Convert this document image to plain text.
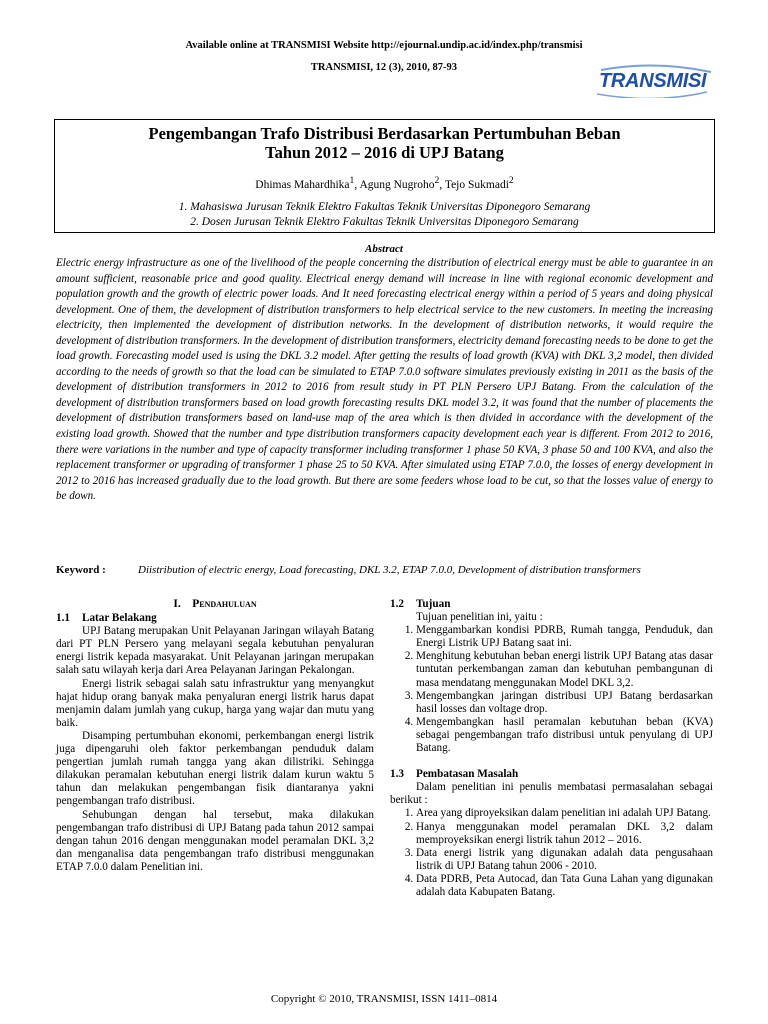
Available online at TRANSMISI Website http://ejournal.undip.ac.id/index.php/transmisi
TRANSMISI, 12 (3), 2010, 87-93
TRANSMISI
Pengembangan Trafo Distribusi Berdasarkan Pertumbuhan Beban
Tahun 2012 – 2016 di UPJ Batang
Dhimas Mahardhika$^1$, Agung Nugroho$^2$, Tejo Sukmadi$^2$
1. Mahasiswa Jurusan Teknik Elektro Fakultas Teknik Universitas Diponegoro Semarang
2. Dosen Jurusan Teknik Elektro Fakultas Teknik Universitas Diponegoro Semarang
Abstract
Electric energy infrastructure as one of the livelihood of the people concerning the distribution of electrical energy must be able to guarantee in an amount sufficient, reasonable price and good quality. Electrical energy demand will increase in line with regional economic development and population growth and the growth of electric power loads. And It need forecasting electrical energy within a period of 5 years and doing physical development. One of them, the development of distribution transformers to help electrical service to the new customers. In meeting the increasing electricity, then implemented the development of distribution networks. In the development of distribution networks, it would require the development of distribution transformers. In the development of distribution transformers, electricity demand forecasting needs to be done to get the load growth. Forecasting model used is using the DKL 3.2 model. After getting the results of load growth (KVA) with DKL 3,2 model, then divided according to the needs of growth so that the load can be simulated to ETAP 7.0.0 software simulates previously existing in 2011 as the basis of the development of distribution transformers in 2012 to 2016 from result study in PT PLN Persero UPJ Batang. From the calculation of the development of distribution transformers based on load growth forecasting results DKL model 3.2, it was found that the number of placements the development of distribution transformers based on land-use map of the area which is then divided in accordance with the development of the existing load growth. Showed that the number and type distribution transformers capacity development each year is different. From 2012 to 2016, there were variations in the number and type of capacity transformer including transformer 1 phase 50 KVA, 3 phase 50 and 100 KVA, and also the replacement transformer or upgrading of transformer 1 phase 25 to 50 KVA. After simulated using ETAP 7.0.0, the losses of energy development in 2012 to 2016 has increased gradually due to the load growth. But there are some feeders whose load to be cut, so that the losses value of energy to be down.
Keyword :	Diistribution of electric energy, Load forecasting, DKL 3.2, ETAP 7.0.0, Development of distribution transformers
I. Pendahuluan
1.1 Latar Belakang

UPJ Batang merupakan Unit Pelayanan Jaringan wilayah Batang dari PT PLN Persero yang melayani segala kebutuhan penyaluran energi listrik kepada masyarakat. Unit Pelayanan jaringan merupakan salah satu wilayah kerja dari Area Pelayanan Jaringan Pekalongan.

Energi listrik sebagai salah satu infrastruktur yang menyangkut hajat hidup orang banyak maka penyaluran energi listrik harus dapat menjamin dalam jumlah yang cukup, harga yang wajar dan mutu yang baik.

Disamping pertumbuhan ekonomi, perkembangan energi listrik juga dipengaruhi oleh faktor perkembangan penduduk dalam pengertian jumlah rumah tangga yang akan dilistriki. Sehingga dilakukan peramalan kebutuhan energi listrik dalam kurun waktu 5 tahun dan melakukan pengembangan fisik diantaranya yakni pengembangan trafo distribusi.

Sehubungan dengan hal tersebut, maka dilakukan pengembangan trafo distribusi di UPJ Batang pada tahun 2012 sampai dengan tahun 2016 dengan menggunakan model peramalan DKL 3,2 dan menganalisa data pengembangan trafo distribusi menggunakan ETAP 7.0.0 dalam Penelitian ini.

1.2 Tujuan
Tujuan penelitian ini, yaitu :
1. Menggambarkan kondisi PDRB, Rumah tangga, Penduduk, dan Energi Listrik UPJ Batang saat ini.
2. Menghitung kebutuhan beban energi listrik UPJ Batang atas dasar tuntutan perkembangan zaman dan kebutuhan pembangunan di masa mendatang menggunakan Model DKL 3,2.
3. Mengembangkan jaringan distribusi UPJ Batang berdasarkan hasil losses dan voltage drop.
4. Mengembangkan hasil peramalan kebutuhan beban (KVA) sebagai pengembangan trafo distribusi untuk penyulang di UPJ Batang.
1.3 Pembatasan Masalah
Dalam penelitian ini penulis membatasi permasalahan sebagai berikut :
1. Area yang diproyeksikan dalam penelitian ini adalah UPJ Batang.
2. Hanya menggunakan model peramalan DKL 3,2 dalam memproyeksikan energi listrik tahun 2012 – 2016.
3. Data energi listrik yang digunakan adalah data pengusahaan listrik di UPJ Batang tahun 2006 - 2010.
4. Data PDRB, Peta Autocad, dan Tata Guna Lahan yang digunakan adalah data Kabupaten Batang.
Copyright © 2010, TRANSMISI, ISSN 1411–0814
